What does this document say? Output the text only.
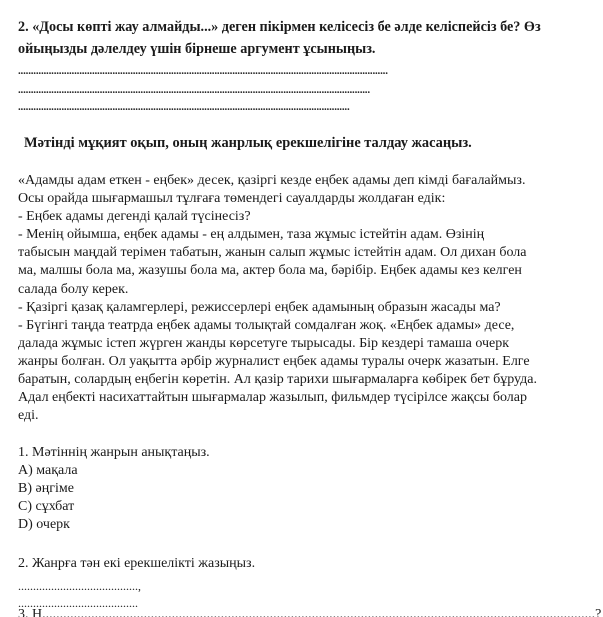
2. «Досы көпті жау алмайды...» деген пікірмен келісесіз бе әлде келіспейсіз бе? Өз ойыңызды дәлелдеу үшін бірнеше аргумент ұсыныңыз.
.................................................................................................................................................
..........................................................................................................................................
..................................................................................................................................
Мәтінді мұқият оқып, оның жанрлық ерекшелігіне талдау жасаңыз.
«Адамды адам еткен - еңбек» десек, қазіргі кезде еңбек адамы деп кімді бағалаймыз.
Осы орайда шығармашыл тұлғаға төмендегі сауалдарды жолдаған едік:
- Еңбек адамы дегенді қалай түсінесіз?
- Менің ойымша, еңбек адамы - ең алдымен, таза жұмыс істейтін адам. Өзінің
табысын маңдай терімен табатын, жанын салып жұмыс істейтін адам. Ол дихан бола
ма, малшы бола ма, жазушы бола ма, актер бола ма, бәрібір. Еңбек адамы кез келген
салада болу керек.
- Қазіргі қазақ қаламгерлері, режиссерлері еңбек адамының образын жасады ма?
- Бүгінгі таңда театрда еңбек адамы толықтай сомдалған жоқ. «Еңбек адамы» десе,
далада жұмыс істеп жүрген жанды көрсетуге тырысады. Бір кездері тамаша очерк
жанры болған. Ол уақытта әрбір журналист еңбек адамы туралы очерк жазатын. Елге
баратын, солардың еңбегін көретін. Ал қазір тарихи шығармаларға көбірек бет бұруда.
Адал еңбекті насихаттайтын шығармалар жазылып, фильмдер түсірілсе жақсы болар
еді.
1. Мәтіннің жанрын анықтаңыз.
A) мақала
B) әңгіме
C) сұхбат
D) очерк
2. Жанрға тән екі ерекшелікті жазыңыз.
........................................,
........................................
3. Н..............................................................................................................................................................?
